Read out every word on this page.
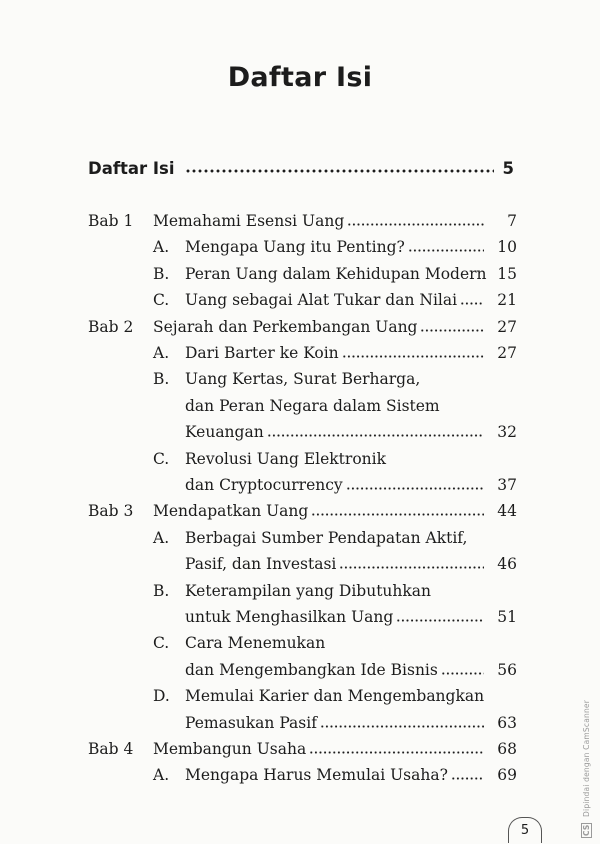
Daftar Isi
Daftar Isi	5
Bab 1 Memahami Esensi Uang	7
A. Mengapa Uang itu Penting?	10
B. Peran Uang dalam Kehidupan Modern 15
C. Uang sebagai Alat Tukar dan Nilai	21
Bab 2 Sejarah dan Perkembangan Uang	27
A. Dari Barter ke Koin	27
B. Uang Kertas, Surat Berharga,
dan Peran Negara dalam Sistem
Keuangan	32
C. Revolusi Uang Elektronik
dan Cryptocurrency	37
Bab 3 Mendapatkan Uang	44
A. Berbagai Sumber Pendapatan Aktif,
Pasif, dan Investasi	46
B. Keterampilan yang Dibutuhkan
untuk Menghasilkan Uang	51
C. Cara Menemukan
dan Mengembangkan Ide Bisnis	56
D. Memulai Karier dan Mengembangkan
Pemasukan Pasif	63
Bab 4 Membangun Usaha	68
A. Mengapa Harus Memulai Usaha?	69
5	CS Dipindai dengan CamScanner
